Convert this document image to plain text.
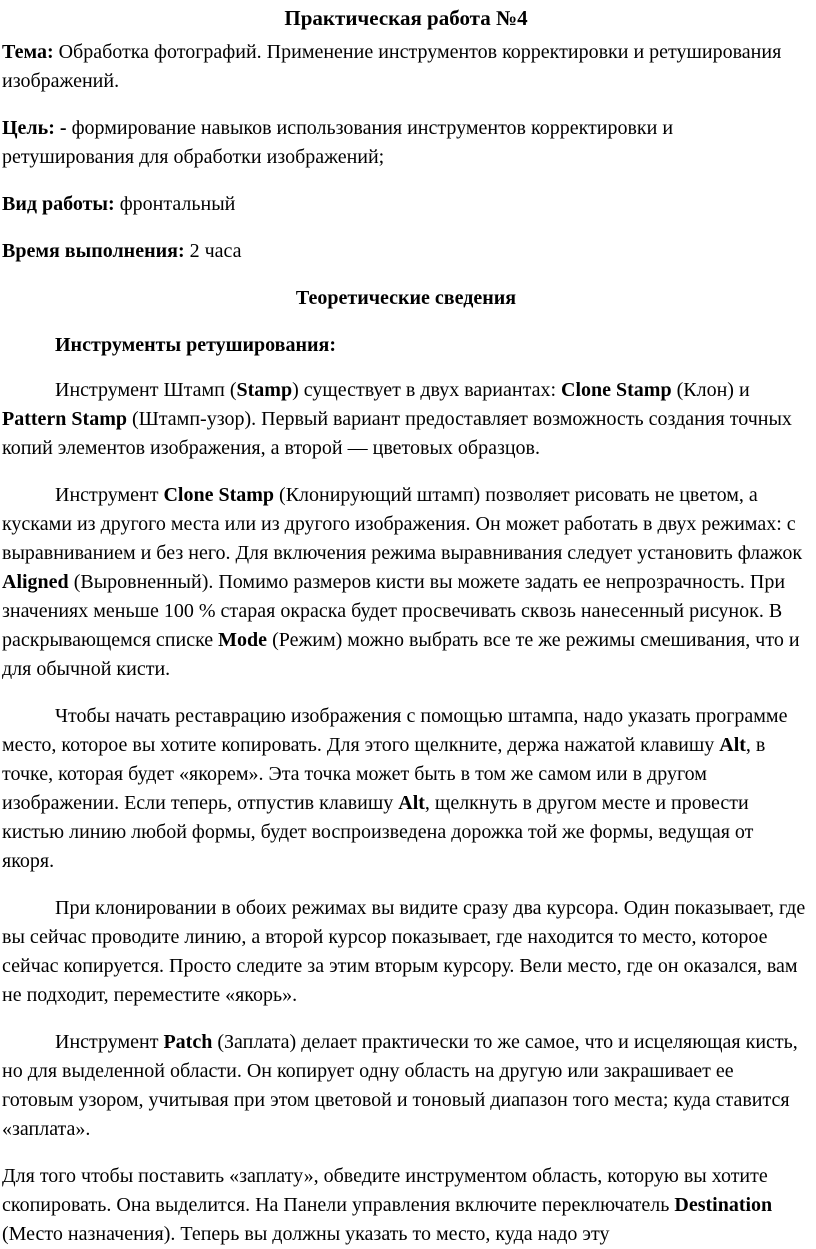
Практическая работа №4

Тема: Обработка фотографий. Применение инструментов корректировки и ретуширования изображений.

Цель: - формирование навыков использования инструментов корректировки и ретуширования для обработки изображений;

Вид работы: фронтальный

Время выполнения: 2 часа

Теоретические сведения

Инструменты ретуширования:

Инструмент Штамп (Stamp) существует в двух вариантах: Clone Stamp (Клон) и Pattern Stamp (Штамп-узор). Первый вариант предоставляет возможность создания точных копий элементов изображения, а второй — цветовых образцов.

Инструмент Clone Stamp (Клонирующий штамп) позволяет рисовать не цветом, а кусками из другого места или из другого изображения. Он может работать в двух режимах: с выравниванием и без него. Для включения режима выравнивания следует установить флажок Aligned (Выровненный). Помимо размеров кисти вы можете задать ее непрозрачность. При значениях меньше 100 % старая окраска будет просвечивать сквозь нанесенный рисунок. В раскрывающемся списке Mode (Режим) можно выбрать все те же режимы смешивания, что и для обычной кисти.

Чтобы начать реставрацию изображения с помощью штампа, надо указать программе место, которое вы хотите копировать. Для этого щелкните, держа нажатой клавишу Alt, в точке, которая будет «якорем». Эта точка может быть в том же самом или в другом изображении. Если теперь, отпустив клавишу Alt, щелкнуть в другом месте и провести кистью линию любой формы, будет воспроизведена дорожка той же формы, ведущая от якоря.

При клонировании в обоих режимах вы видите сразу два курсора. Один показывает, где вы сейчас проводите линию, а второй курсор показывает, где находится то место, которое сейчас копируется. Просто следите за этим вторым курсору. Вели место, где он оказался, вам не подходит, переместите «якорь».

Инструмент Patch (Заплата) делает практически то же самое, что и исцеляющая кисть, но для выделенной области. Он копирует одну область на другую или закрашивает ее готовым узором, учитывая при этом цветовой и тоновый диапазон того места; куда ставится «заплата».

Для того чтобы поставить «заплату», обведите инструментом область, которую вы хотите скопировать. Она выделится. На Панели управления включите переключатель Destination (Место назначения). Теперь вы должны указать то место, куда надо эту
